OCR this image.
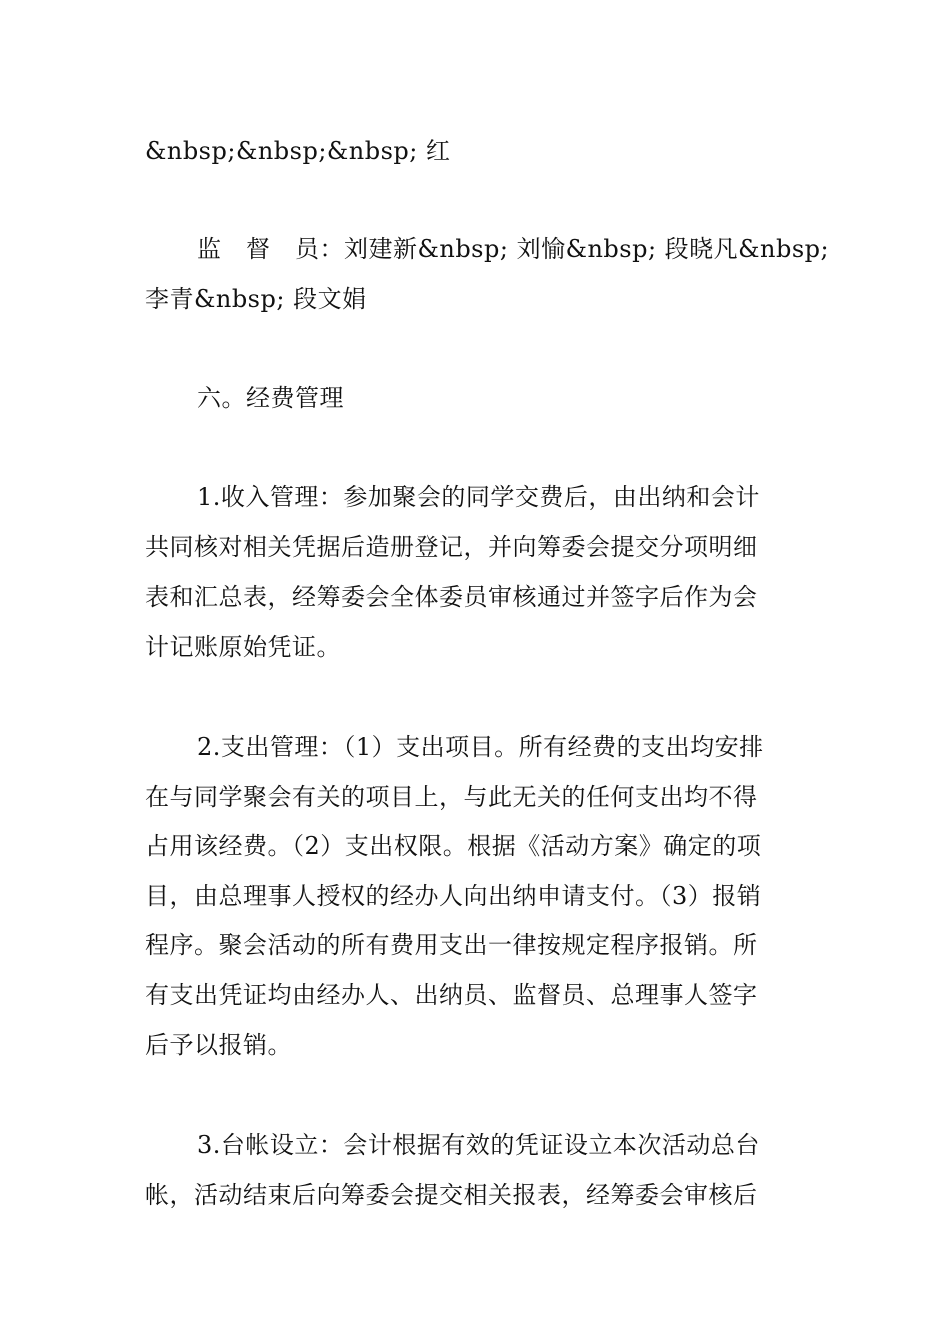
&nbsp;&nbsp;&nbsp; 红
监　督　员：刘建新&nbsp; 刘愉&nbsp; 段晓凡&nbsp;
李青&nbsp; 段文娟
六。经费管理
1.收入管理：参加聚会的同学交费后，由出纳和会计
共同核对相关凭据后造册登记，并向筹委会提交分项明细
表和汇总表，经筹委会全体委员审核通过并签字后作为会
计记账原始凭证。
2.支出管理：（1）支出项目。所有经费的支出均安排
在与同学聚会有关的项目上，与此无关的任何支出均不得
占用该经费。（2）支出权限。根据《活动方案》确定的项
目，由总理事人授权的经办人向出纳申请支付。（3）报销
程序。聚会活动的所有费用支出一律按规定程序报销。所
有支出凭证均由经办人、出纳员、监督员、总理事人签字
后予以报销。
3.台帐设立：会计根据有效的凭证设立本次活动总台
帐，活动结束后向筹委会提交相关报表，经筹委会审核后
